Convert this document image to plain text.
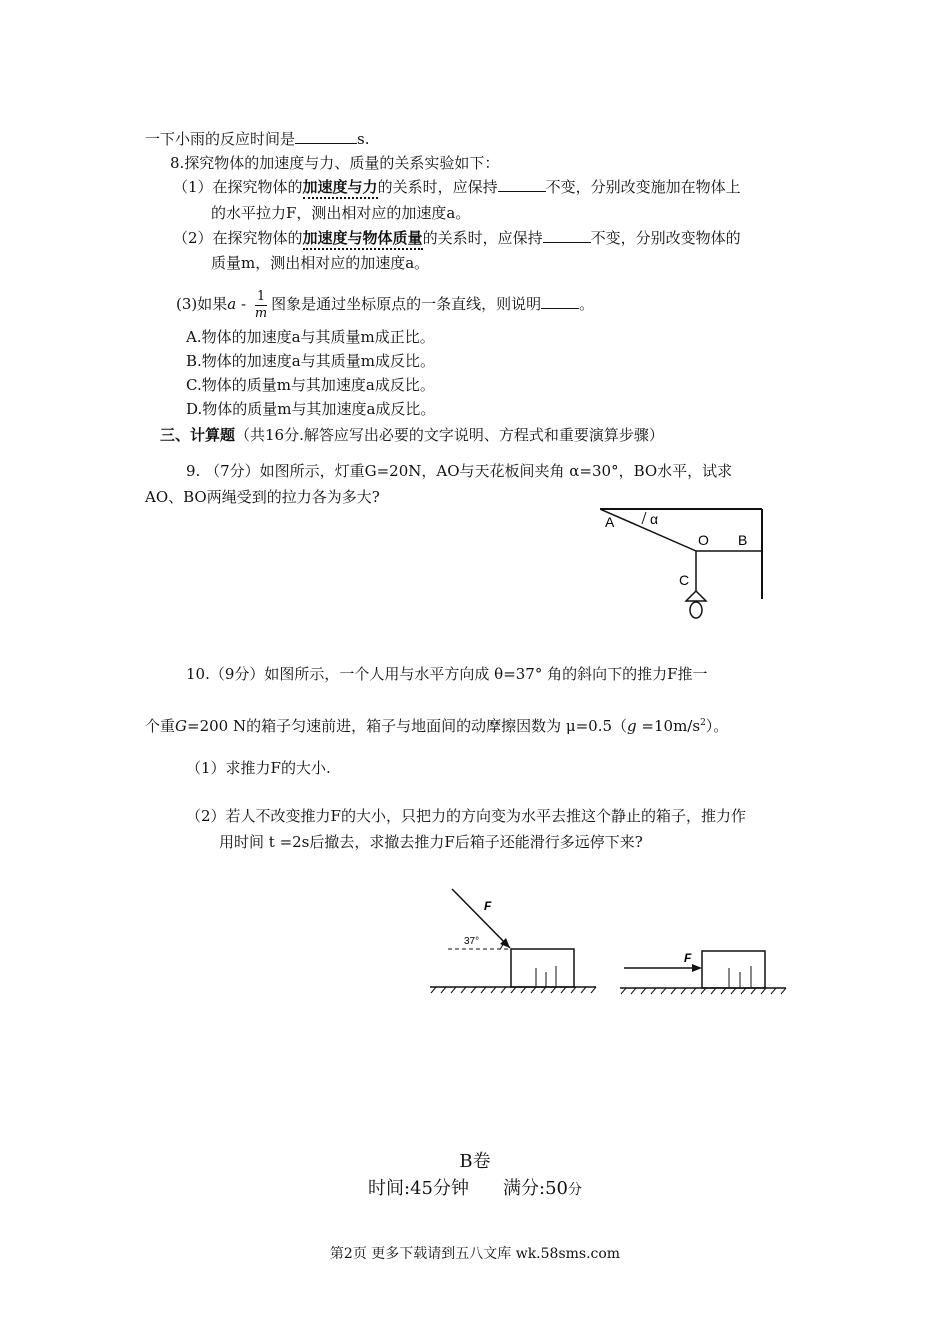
一下小雨的反应时间是	s.
8.探究物体的加速度与力、质量的关系实验如下：
（1）在探究物体的加速度与力的关系时，应保持	不变，分别改变施加在物体上
的水平拉力F，测出相对应的加速度a。
（2）在探究物体的加速度与物体质量的关系时，应保持	不变，分别改变物体的
质量m，测出相对应的加速度a。
(3)如果a - $\frac{1}{m}$ 图象是通过坐标原点的一条直线，则说明	。
A.物体的加速度a与其质量m成正比。
B.物体的加速度a与其质量m成反比。
C.物体的质量m与其加速度a成反比。
D.物体的质量m与其加速度a成反比。
三、计算题（共16分.解答应写出必要的文字说明、方程式和重要演算步骤）
9. （7分）如图所示，灯重G=20N，AO与天花板间夹角 α=30°，BO水平，试求
AO、BO两绳受到的拉力各为多大?
A	α
O B
C
10.（9分）如图所示，一个人用与水平方向成 θ=37° 角的斜向下的推力F推一
个重G=200 N的箱子匀速前进，箱子与地面间的动摩擦因数为 $\mu=0.5(g =10m/s^2)$。
（1）求推力F的大小.
（2）若人不改变推力F的大小，只把力的方向变为水平去推这个静止的箱子，推力作
用时间 t =2s后撤去，求撤去推力F后箱子还能滑行多远停下来?
F
37°
F
B卷
时间:45分钟 满分:50分
第2页 更多下载请到五八文库 wk.58sms.com
